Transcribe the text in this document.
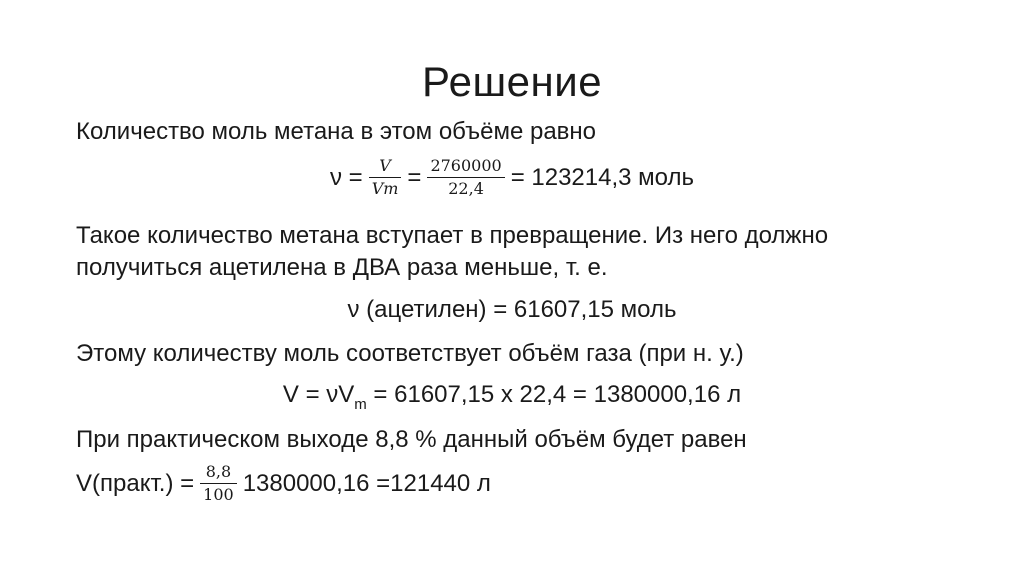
Решение
Количество моль метана в этом объёме равно
$\nu = \frac{V}{Vm} = \frac{2760000}{22,4} = 123214,3$ моль
Такое количество метана вступает в превращение. Из него должно
получиться ацетилена в ДВА раза меньше, т. е.
ν (ацетилен) = 61607,15 моль
Этому количеству моль соответствует объём газа (при н. у.)
$V = \nu V_m = 61607,15$ х 22,4 = 1380000,16 л
При практическом выходе 8,8 % данный объём будет равен
V(практ.) = $\frac{8,8}{100} 1380000,16 =121440$ л
